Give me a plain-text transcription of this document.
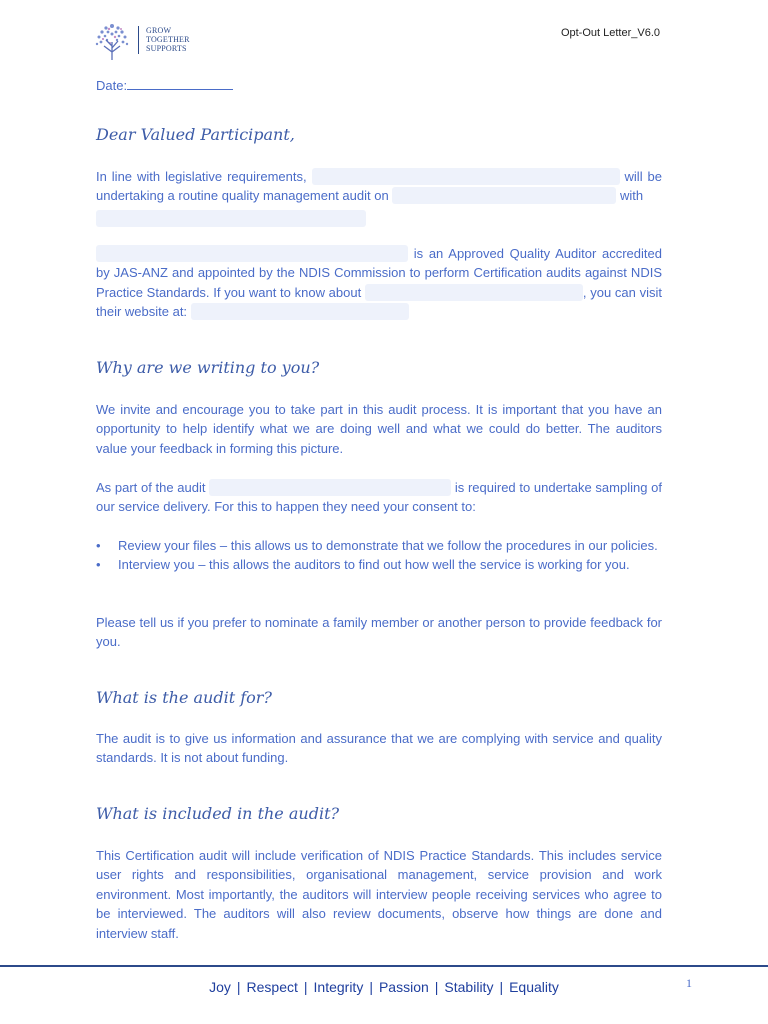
GROW
TOGETHER
SUPPORTS
Opt-Out Letter_V6.0
Date:
Dear Valued Participant,

In line with legislative requirements,	will be undertaking a routine quality management audit on	with

is an Approved Quality Auditor accredited by JAS-ANZ and appointed by the NDIS Commission to perform Certification audits against NDIS Practice Standards. If you want to know about	, you can visit their website at:

Why are we writing to you?

We invite and encourage you to take part in this audit process. It is important that you have an opportunity to help identify what we are doing well and what we could do better. The auditors value your feedback in forming this picture.

As part of the audit	is required to undertake sampling of our service delivery. For this to happen they need your consent to:

• Review your files – this allows us to demonstrate that we follow the procedures in our policies.
• Interview you – this allows the auditors to find out how well the service is working for you.

Please tell us if you prefer to nominate a family member or another person to provide feedback for you.

What is the audit for?

The audit is to give us information and assurance that we are complying with service and quality standards. It is not about funding.

What is included in the audit?

This Certification audit will include verification of NDIS Practice Standards. This includes service user rights and responsibilities, organisational management, service provision and work environment. Most importantly, the auditors will interview people receiving services who agree to be interviewed. The auditors will also review documents, observe how things are done and interview staff.

Joy | Respect | Integrity | Passion | Stability | Equality	1
